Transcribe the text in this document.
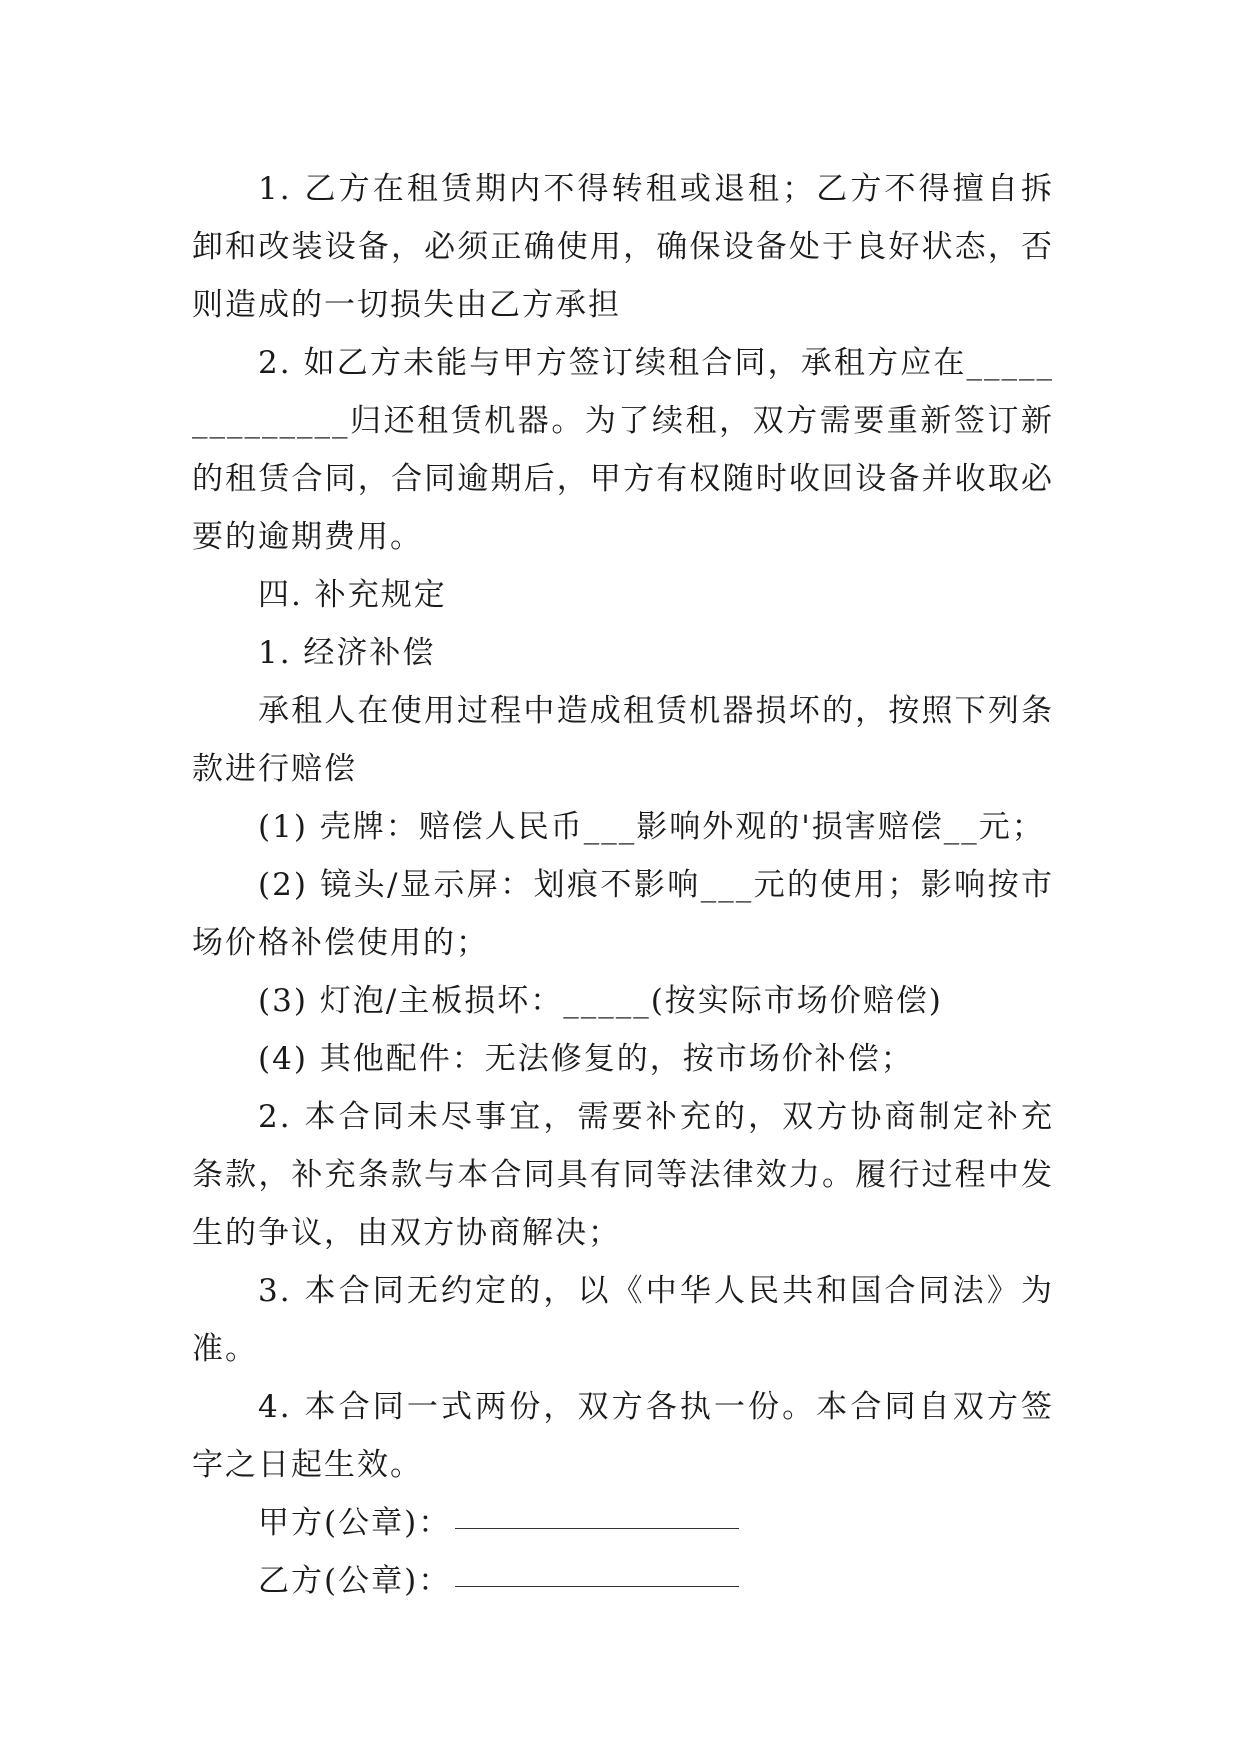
1. 乙方在租赁期内不得转租或退租；乙方不得擅自拆卸和改装设备，必须正确使用，确保设备处于良好状态，否则造成的一切损失由乙方承担

2. 如乙方未能与甲方签订续租合同，承租方应在______________归还租赁机器。为了续租，双方需要重新签订新的租赁合同，合同逾期后，甲方有权随时收回设备并收取必要的逾期费用。

四. 补充规定

1. 经济补偿

承租人在使用过程中造成租赁机器损坏的，按照下列条款进行赔偿

(1) 壳牌：赔偿人民币___影响外观的'损害赔偿__元；

(2) 镜头/显示屏：划痕不影响___元的使用；影响按市场价格补偿使用的；

(3) 灯泡/主板损坏：_____(按实际市场价赔偿)

(4) 其他配件：无法修复的，按市场价补偿；

2. 本合同未尽事宜，需要补充的，双方协商制定补充条款，补充条款与本合同具有同等法律效力。履行过程中发生的争议，由双方协商解决；

3. 本合同无约定的，以《中华人民共和国合同法》为准。

4. 本合同一式两份，双方各执一份。本合同自双方签字之日起生效。

甲方(公章)：

乙方(公章)：
